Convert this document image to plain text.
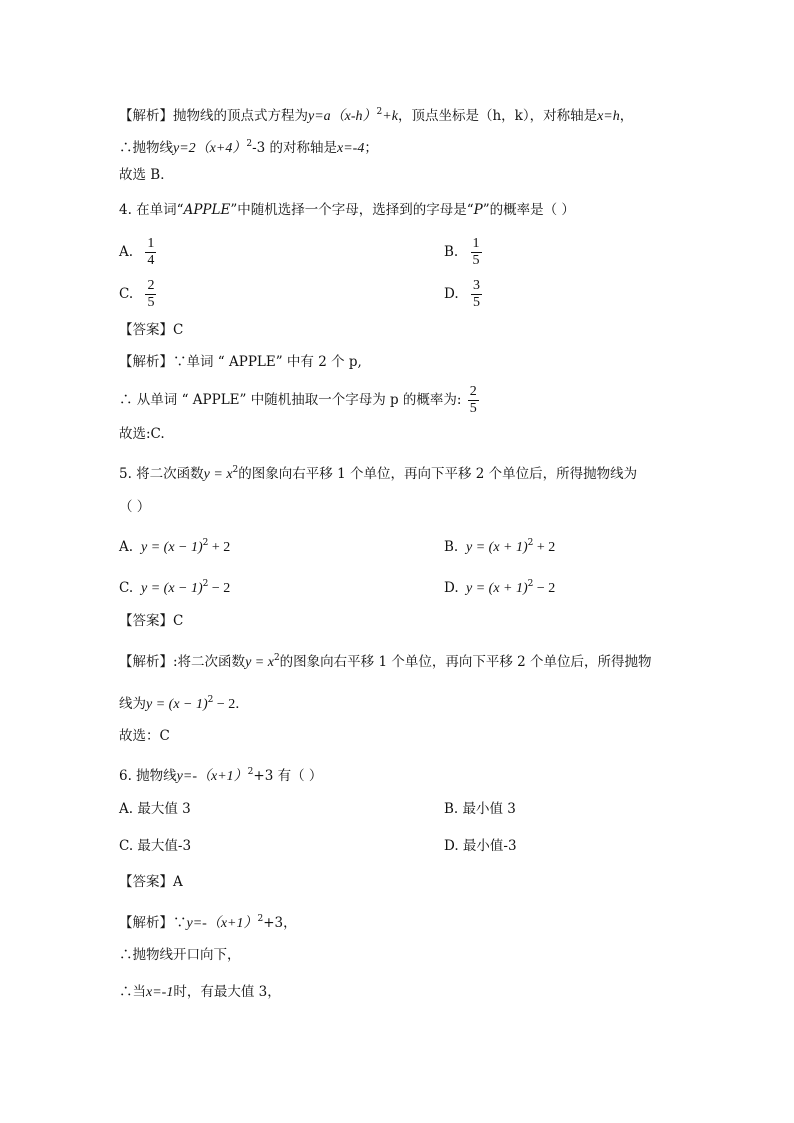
【解析】抛物线的顶点式方程为$y=a(x-h)^2+k$，顶点坐标是（h，k），对称轴是x=h，
∴抛物线$y=2(x+4)^2-3$ 的对称轴是x=-4；
故选 B．
4. 在单词“APPLE”中随机选择一个字母，选择到的字母是“P”的概率是（ ）
A. $\frac{1}{4}$	B. $\frac{1}{5}$
C. $\frac{2}{5}$	D. $\frac{3}{5}$
【答案】C
【解析】∵单词 “ APPLE” 中有 2 个 p,
∴ 从单词 “ APPLE” 中随机抽取一个字母为 p 的概率为: $\frac{2}{5}$
故选:C.
5. 将二次函数$y = x^2$的图象向右平移 1 个单位，再向下平移 2 个单位后，所得抛物线为
（ ）
A. $y = (x - 1)^2 + 2$	B. $y = (x + 1)^2 + 2$
C. $y = (x - 1)^2 - 2$	D. $y = (x + 1)^2 - 2$
【答案】C
【解析】:将二次函数$y = x^2$的图象向右平移 1 个单位，再向下平移 2 个单位后，所得抛物
线为$y = (x - 1)^2 - 2$．
故选：C
6. 抛物线$y=-(x+1)^2+3$ 有（ ）
A. 最大值 3	B. 最小值 3
C. 最大值-3	D. 最小值-3
【答案】A
【解析】$\because y=-(x+1)^2+3$，
∴抛物线开口向下，
∴当x=-1时，有最大值 3，
